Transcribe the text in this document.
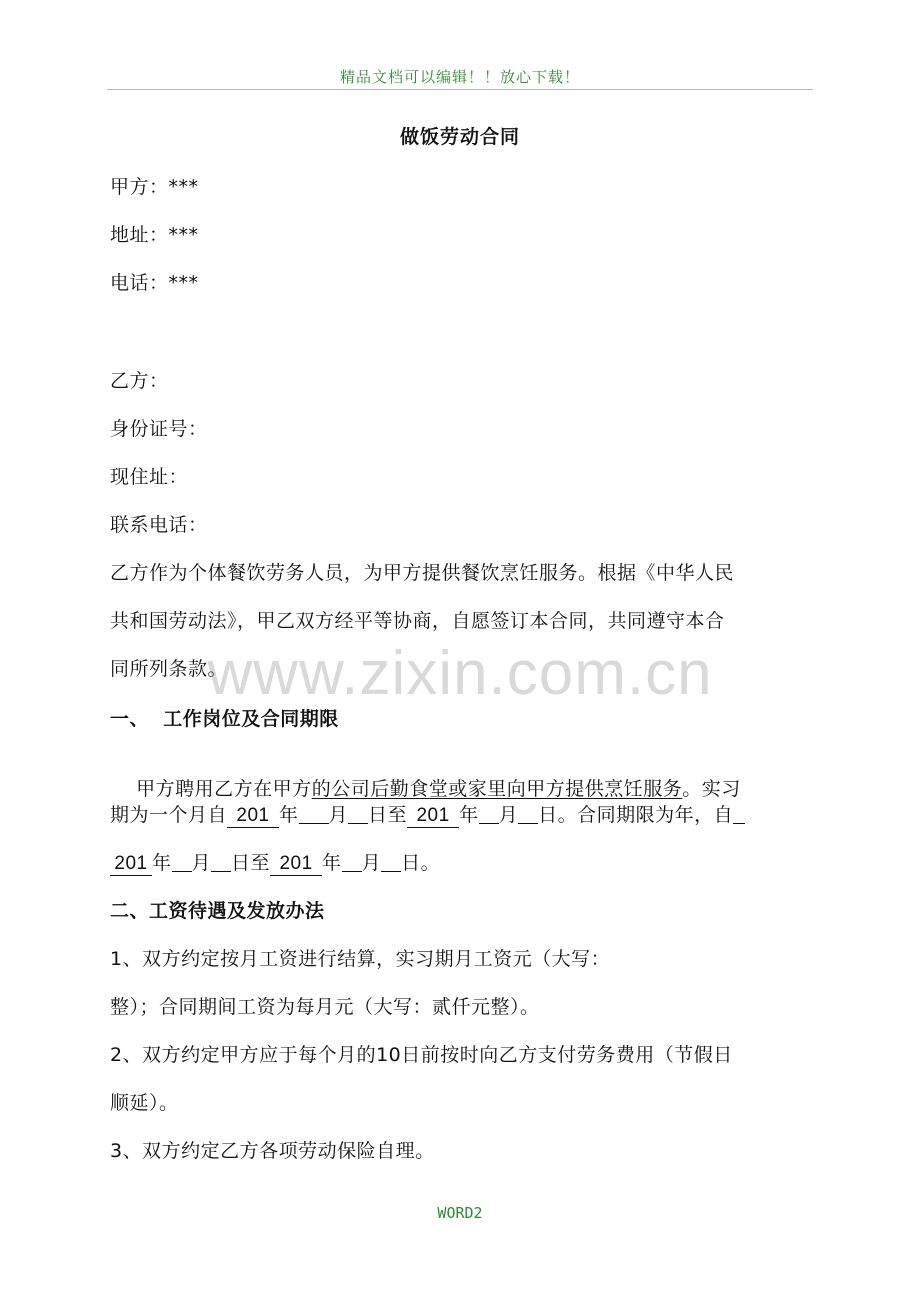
精品文档可以编辑！！放心下载！
www.zixin.com.cn
做饭劳动合同
甲方：***
地址：***
电话：***
乙方：
身份证号：
现住址：
联系电话：
乙方作为个体餐饮劳务人员，为甲方提供餐饮烹饪服务。根据《中华人民
共和国劳动法》，甲乙双方经平等协商，自愿签订本合同，共同遵守本合
同所列条款。
一、  工作岗位及合同期限

甲方聘用乙方在甲方的公司后勤食堂或家里向甲方提供烹饪服务。实习

期为一个月自 201 年 月 日至 201 年 月 日。合同期限为年，自
201 年 月 日至 201 年 月 日。
二、工资待遇及发放办法
1、双方约定按月工资进行结算，实习期月工资元（大写：
整）；合同期间工资为每月元（大写：贰仟元整）。
2、双方约定甲方应于每个月的10日前按时向乙方支付劳务费用（节假日
顺延）。
3、双方约定乙方各项劳动保险自理。
WORD2
